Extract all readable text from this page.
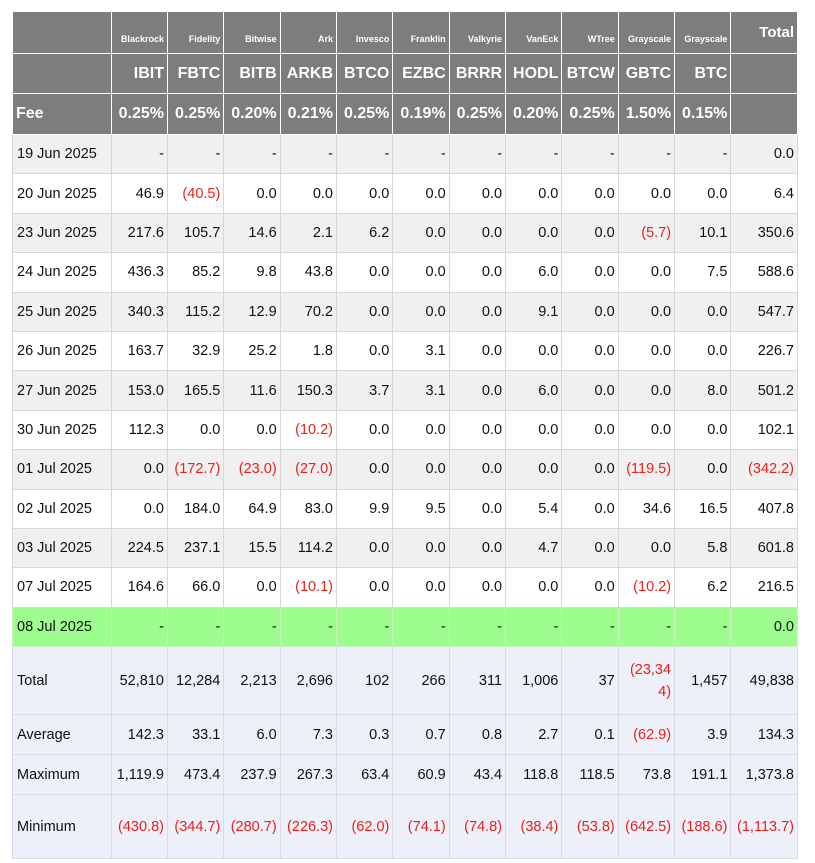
	Blackrock	Fidelity	Bitwise	Ark	Invesco	Franklin	Valkyrie	VanEck	WTree	Grayscale	Grayscale	Total
	IBIT	FBTC	BITB	ARKB	BTCO	EZBC	BRRR	HODL	BTCW	GBTC	BTC	
Fee	0.25%	0.25%	0.20%	0.21%	0.25%	0.19%	0.25%	0.20%	0.25%	1.50%	0.15%	
19 Jun 2025	-	-	-	-	-	-	-	-	-	-	-	0.0
20 Jun 2025	46.9	(40.5)	0.0	0.0	0.0	0.0	0.0	0.0	0.0	0.0	0.0	6.4
23 Jun 2025	217.6	105.7	14.6	2.1	6.2	0.0	0.0	0.0	0.0	(5.7)	10.1	350.6
24 Jun 2025	436.3	85.2	9.8	43.8	0.0	0.0	0.0	6.0	0.0	0.0	7.5	588.6
25 Jun 2025	340.3	115.2	12.9	70.2	0.0	0.0	0.0	9.1	0.0	0.0	0.0	547.7
26 Jun 2025	163.7	32.9	25.2	1.8	0.0	3.1	0.0	0.0	0.0	0.0	0.0	226.7
27 Jun 2025	153.0	165.5	11.6	150.3	3.7	3.1	0.0	6.0	0.0	0.0	8.0	501.2
30 Jun 2025	112.3	0.0	0.0	(10.2)	0.0	0.0	0.0	0.0	0.0	0.0	0.0	102.1
01 Jul 2025	0.0	(172.7)	(23.0)	(27.0)	0.0	0.0	0.0	0.0	0.0	(119.5)	0.0	(342.2)
02 Jul 2025	0.0	184.0	64.9	83.0	9.9	9.5	0.0	5.4	0.0	34.6	16.5	407.8
03 Jul 2025	224.5	237.1	15.5	114.2	0.0	0.0	0.0	4.7	0.0	0.0	5.8	601.8
07 Jul 2025	164.6	66.0	0.0	(10.1)	0.0	0.0	0.0	0.0	0.0	(10.2)	6.2	216.5
08 Jul 2025	-	-	-	-	-	-	-	-	-	-	-	0.0
Total	52,810	12,284	2,213	2,696	102	266	311	1,006	37	(23,344)	1,457	49,838
Average	142.3	33.1	6.0	7.3	0.3	0.7	0.8	2.7	0.1	(62.9)	3.9	134.3
Maximum	1,119.9	473.4	237.9	267.3	63.4	60.9	43.4	118.8	118.5	73.8	191.1	1,373.8
Minimum	(430.8)	(344.7)	(280.7)	(226.3)	(62.0)	(74.1)	(74.8)	(38.4)	(53.8)	(642.5)	(188.6)	(1,113.7)
